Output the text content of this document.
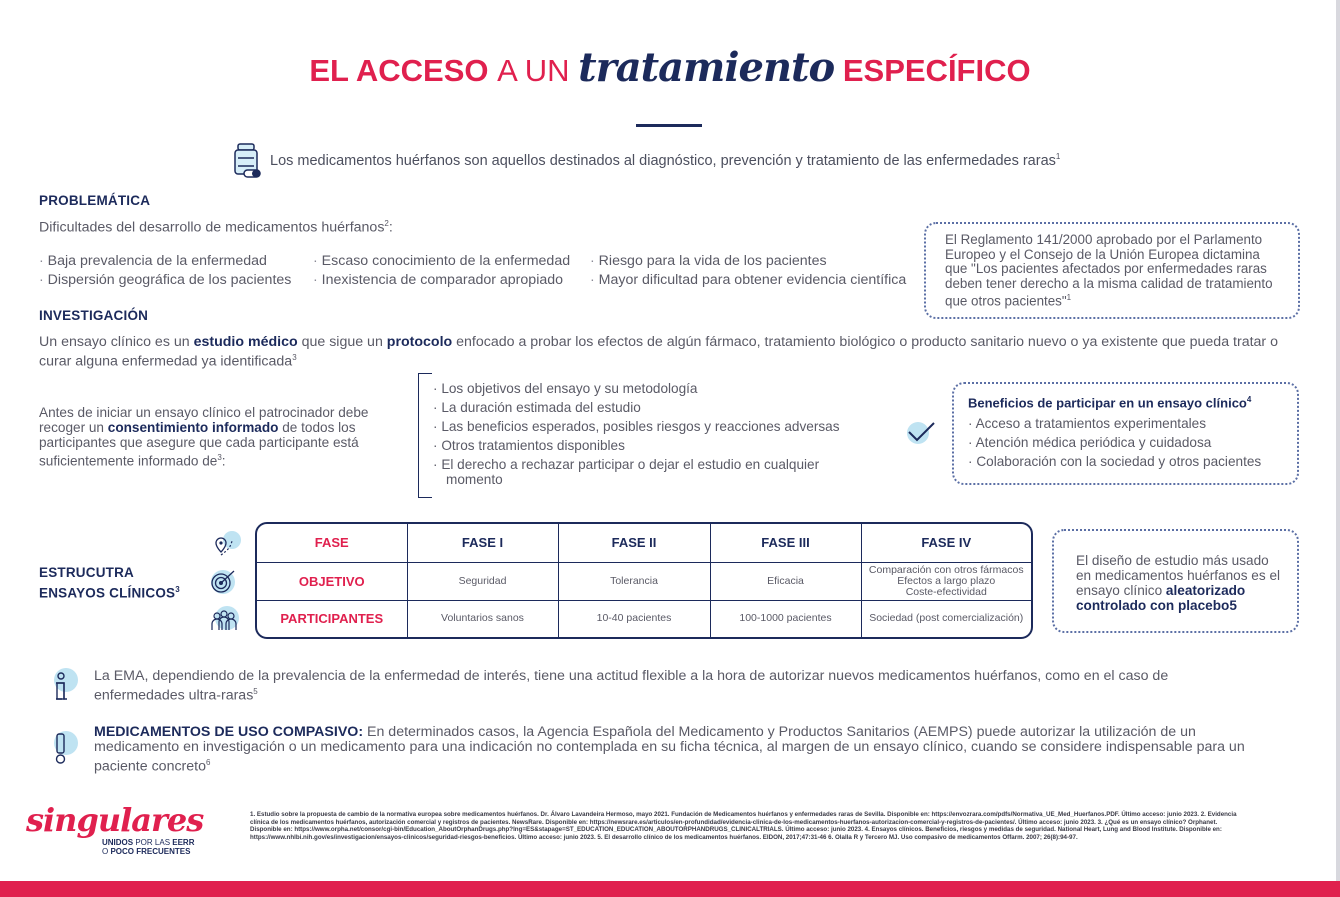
EL ACCESO A UN tratamiento ESPECÍFICO
Los medicamentos huérfanos son aquellos destinados al diagnóstico, prevención y tratamiento de las enfermedades raras$^1$
PROBLEMÁTICA
Dificultades del desarrollo de medicamentos huérfanos$^2$:
· Baja prevalencia de la enfermedad
· Dispersión geográfica de los pacientes
· Escaso conocimiento de la enfermedad
· Inexistencia de comparador apropiado
· Riesgo para la vida de los pacientes
· Mayor dificultad para obtener evidencia científica
El Reglamento 141/2000 aprobado por el Parlamento Europeo y el Consejo de la Unión Europea dictamina que "Los pacientes afectados por enfermedades raras deben tener derecho a la misma calidad de tratamiento que otros pacientes"$^1$
INVESTIGACIÓN
Un ensayo clínico es un estudio médico que sigue un protocolo enfocado a probar los efectos de algún fármaco, tratamiento biológico o producto sanitario nuevo o ya existente que pueda tratar o curar alguna enfermedad ya identificada$^3$
Antes de iniciar un ensayo clínico el patrocinador debe recoger un consentimiento informado de todos los participantes que asegure que cada participante está suficientemente informado $de^3$:
· Los objetivos del ensayo y su metodología
· La duración estimada del estudio
· Las beneficios esperados, posibles riesgos y reacciones adversas
· Otros tratamientos disponibles
· El derecho a rechazar participar o dejar el estudio en cualquier momento
Beneficios de participar en un ensayo clínico$^4$
· Acceso a tratamientos experimentales
· Atención médica periódica y cuidadosa
· Colaboración con la sociedad y otros pacientes
ESTRUCUTRA
ENSAYOS CLÍNICOS$^3$
FASE	FASE I	FASE II	FASE III	FASE IV
OBJETIVO	Seguridad	Tolerancia	Eficacia	Comparación con otros fármacos
Efectos a largo plazo
Coste-efectividad

PARTICIPANTES	Voluntarios sanos	10-40 pacientes	100-1000 pacientes	Sociedad (post comercialización)
El diseño de estudio más usado en medicamentos huérfanos es el ensayo clínico aleatorizado controlado con placebo5
La EMA, dependiendo de la prevalencia de la enfermedad de interés, tiene una actitud flexible a la hora de autorizar nuevos medicamentos huérfanos, como en el caso de enfermedades ultra-raras$^5$
MEDICAMENTOS DE USO COMPASIVO: En determinados casos, la Agencia Española del Medicamento y Productos Sanitarios (AEMPS) puede autorizar la utilización de un medicamento en investigación o un medicamento para una indicación no contemplada en su ficha técnica, al margen de un ensayo clínico, cuando se considere indispensable para un paciente concreto$^6$
singulares
UNIDOS POR LAS EERR
O POCO FRECUENTES
1. Estudio sobre la propuesta de cambio de la normativa europea sobre medicamentos huérfanos. Dr. Álvaro Lavandeira Hermoso, mayo 2021. Fundación de Medicamentos huérfanos y enfermedades raras de Sevilla. Disponible en: https://envozrara.com/pdfs/Normativa_UE_Med_Huerfanos.PDF. Último acceso: junio 2023. 2. Evidencia clínica de los medicamentos huérfanos, autorización comercial y registros de pacientes. NewsRare. Disponible en: https://newsrare.es/articulos/en-profundidad/evidencia-clinica-de-los-medicamentos-huerfanos-autorizacion-comercial-y-registros-de-pacientes/. Último acceso: junio 2023. 3. ¿Qué es un ensayo clínico? Orphanet. Disponible en: https://www.orpha.net/consor/cgi-bin/Education_AboutOrphanDrugs.php?lng=ES&stapage=ST_EDUCATION_EDUCATION_ABOUTORPHANDRUGS_CLINICALTRIALS. Último acceso: junio 2023. 4. Ensayos clínicos. Beneficios, riesgos y medidas de seguridad. National Heart, Lung and Blood Institute. Disponible en: https://www.nhlbi.nih.gov/es/investigacion/ensayos-clinicos/seguridad-riesgos-beneficios. Último acceso: junio 2023. 5. El desarrollo clínico de los medicamentos huérfanos. EIDON, 2017;47:31-46 6. Olalla R y Tercero MJ. Uso compasivo de medicamentos Offarm. 2007; 26(8):94-97.
